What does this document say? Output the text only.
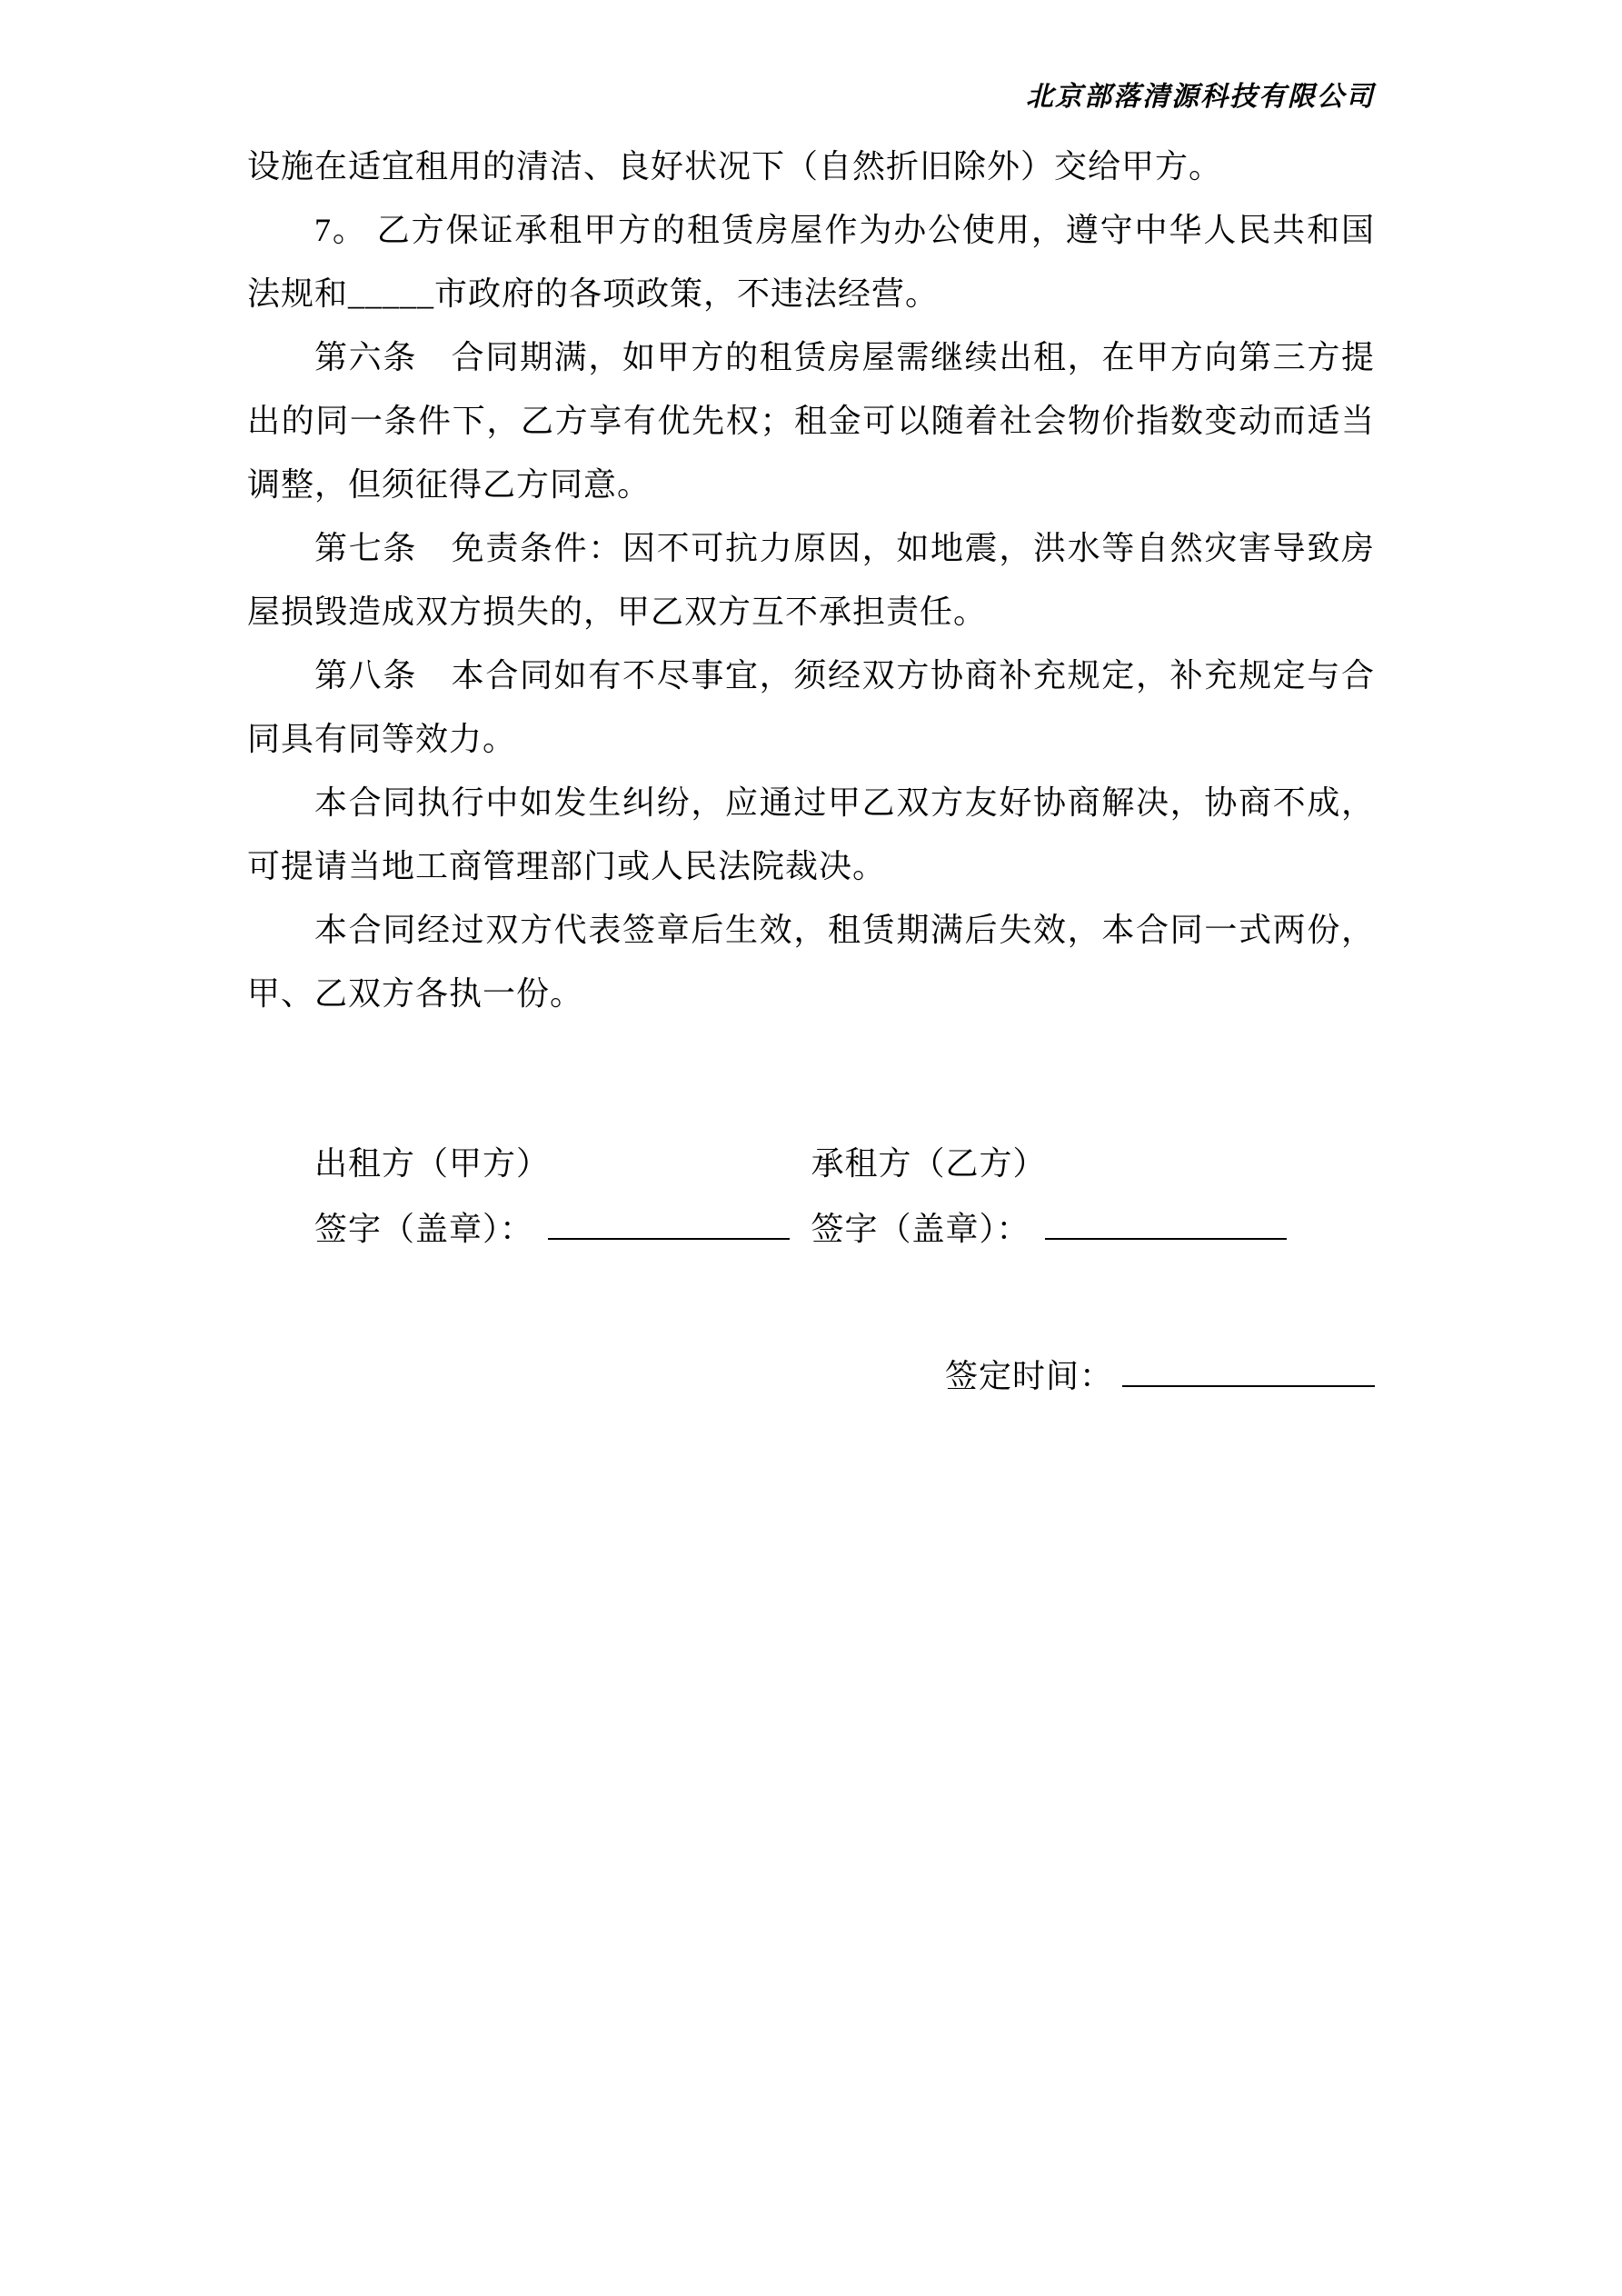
北京部落清源科技有限公司

设施在适宜租用的清洁、良好状况下（自然折旧除外）交给甲方。

7。 乙方保证承租甲方的租赁房屋作为办公使用，遵守中华人民共和国法规和_____市政府的各项政策，不违法经营。

第六条　合同期满，如甲方的租赁房屋需继续出租，在甲方向第三方提出的同一条件下，乙方享有优先权；租金可以随着社会物价指数变动而适当调整，但须征得乙方同意。

第七条　免责条件：因不可抗力原因，如地震，洪水等自然灾害导致房屋损毁造成双方损失的，甲乙双方互不承担责任。

第八条　本合同如有不尽事宜，须经双方协商补充规定，补充规定与合同具有同等效力。

本合同执行中如发生纠纷，应通过甲乙双方友好协商解决，协商不成，可提请当地工商管理部门或人民法院裁决。

本合同经过双方代表签章后生效，租赁期满后失效，本合同一式两份，甲、乙双方各执一份。

出租方（甲方）	承租方（乙方）
签字（盖章）：	签字（盖章）：
签定时间：
